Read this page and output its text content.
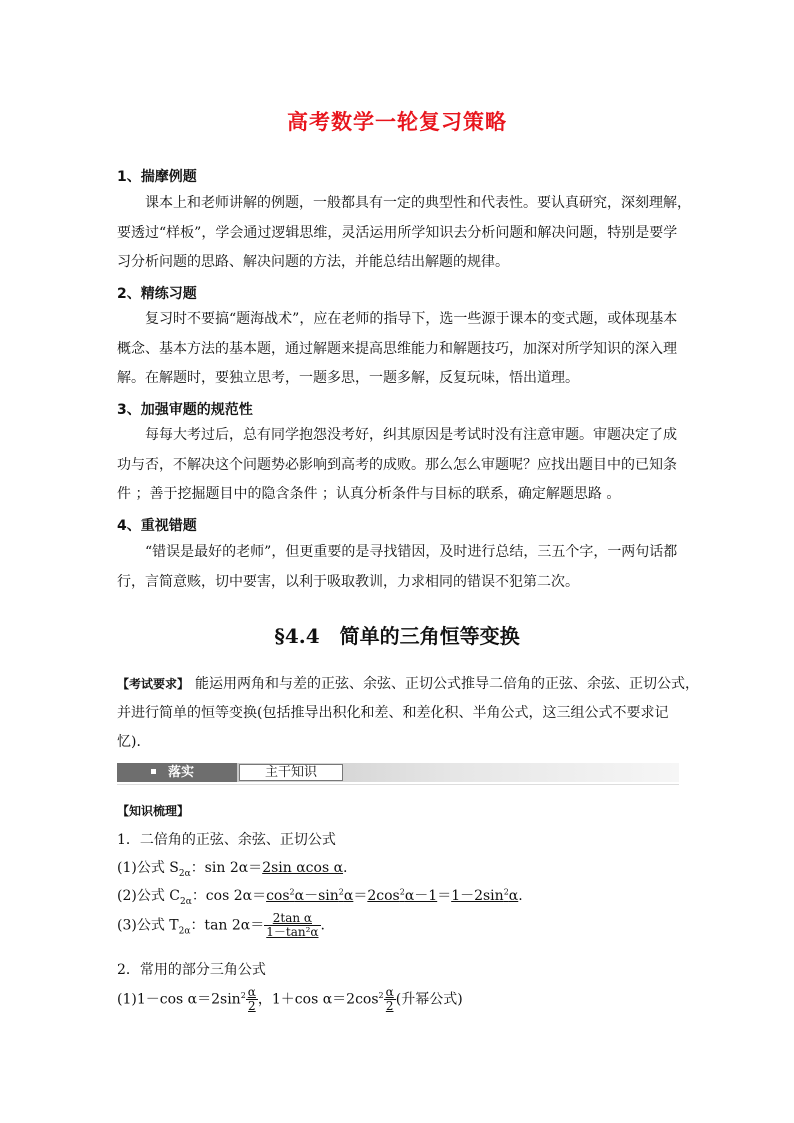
高考数学一轮复习策略
1、揣摩例题
课本上和老师讲解的例题，一般都具有一定的典型性和代表性。要认真研究，深刻理解，
要透过“样板”，学会通过逻辑思维，灵活运用所学知识去分析问题和解决问题，特别是要学
习分析问题的思路、解决问题的方法，并能总结出解题的规律。
2、精练习题
复习时不要搞“题海战术”，应在老师的指导下，选一些源于课本的变式题，或体现基本
概念、基本方法的基本题，通过解题来提高思维能力和解题技巧，加深对所学知识的深入理
解。在解题时，要独立思考，一题多思，一题多解，反复玩味，悟出道理。
3、加强审题的规范性
每每大考过后，总有同学抱怨没考好，纠其原因是考试时没有注意审题。审题决定了成
功与否，不解决这个问题势必影响到高考的成败。那么怎么审题呢？应找出题目中的已知条
件 ；善于挖掘题目中的隐含条件 ；认真分析条件与目标的联系，确定解题思路 。
4、重视错题
“错误是最好的老师”，但更重要的是寻找错因，及时进行总结，三五个字，一两句话都
行，言简意赅，切中要害，以利于吸取教训，力求相同的错误不犯第二次。
§4.4　简单的三角恒等变换
【考试要求】 能运用两角和与差的正弦、余弦、正切公式推导二倍角的正弦、余弦、正切公式，
并进行简单的恒等变换(包括推导出积化和差、和差化积、半角公式，这三组公式不要求记
忆)．
落实	主干知识
【知识梳理】
1．二倍角的正弦、余弦、正切公式
(1)公式 $S_{2\alpha}$：sin 2α＝2sin αcos α.
(2)公式 $C_{2\alpha}$：$\cos 2\alpha=\cos^2\alpha-\sin^2\alpha=2\cos^2\alpha-1=1-2\sin^2\alpha$.
(3)公式 $T_{2\alpha}$：$\tan 2\alpha= \frac{\text{2tan α}}{\text{1－tan²α}}$ .
2．常用的部分三角公式
(1)1－cos $\alpha=2\sin^2 \frac{\alpha}{2}$ ，1＋cos $\alpha=2\cos^2 \frac{\alpha}{2}$ (升幂公式)
